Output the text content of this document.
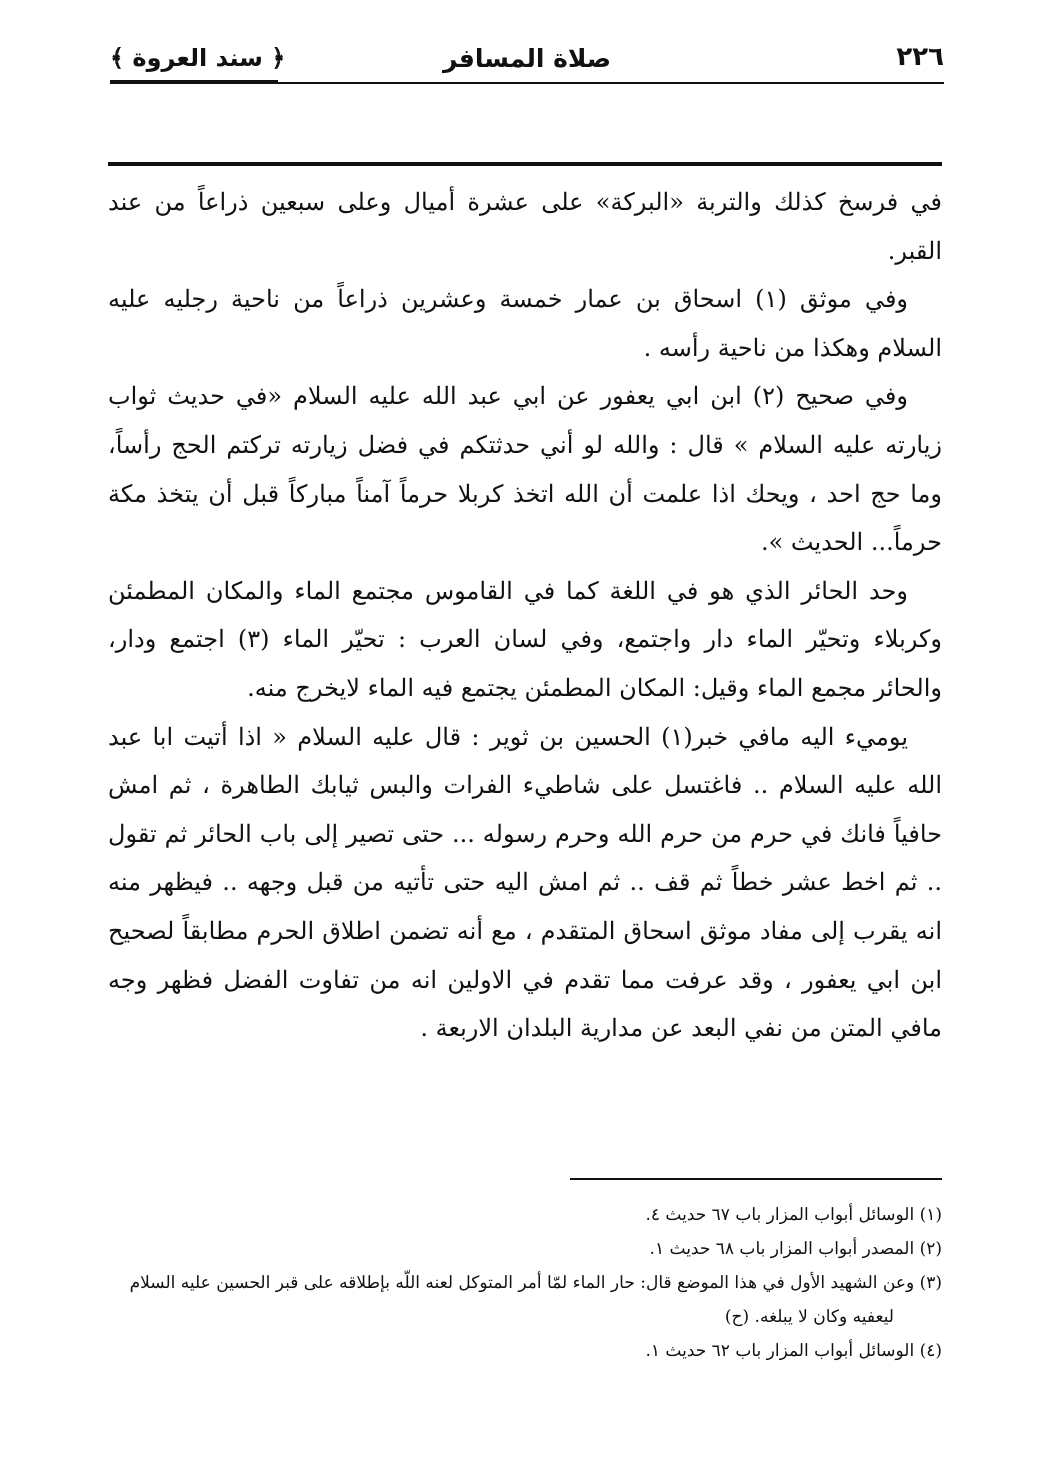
٢٢٦
صلاة المسافر
﴿ سند العروة ﴾

في فرسخ كذلك والتربة «البركة» على عشرة أميال وعلى سبعين ذراعاً من عند القبر.

وفي موثق (١) اسحاق بن عمار خمسة وعشرين ذراعاً من ناحية رجليه عليه السلام وهكذا من ناحية رأسه .

وفي صحيح (٢) ابن ابي يعفور عن ابي عبد الله عليه السلام «في حديث ثواب زيارته عليه السلام » قال : والله لو أني حدثتكم في فضل زيارته تركتم الحج رأساً، وما حج احد ، ويحك اذا علمت أن الله اتخذ كربلا حرماً آمناً مباركاً قبل أن يتخذ مكة حرماً... الحديث ».

وحد الحائر الذي هو في اللغة كما في القاموس مجتمع الماء والمكان المطمئن وكربلاء وتحيّر الماء دار واجتمع، وفي لسان العرب : تحيّر الماء (٣) اجتمع ودار، والحائر مجمع الماء وقيل: المكان المطمئن يجتمع فيه الماء لايخرج منه.

يوميء اليه مافي خبر(١) الحسين بن ثوير : قال عليه السلام « اذا أتيت ابا عبد الله عليه السلام .. فاغتسل على شاطيء الفرات والبس ثيابك الطاهرة ، ثم امش حافياً فانك في حرم من حرم الله وحرم رسوله ... حتى تصير إلى باب الحائر ثم تقول .. ثم اخط عشر خطاً ثم قف .. ثم امش اليه حتى تأتيه من قبل وجهه .. فيظهر منه انه يقرب إلى مفاد موثق اسحاق المتقدم ، مع أنه تضمن اطلاق الحرم مطابقاً لصحيح ابن ابي يعفور ، وقد عرفت مما تقدم في الاولين انه من تفاوت الفضل فظهر وجه مافي المتن من نفي البعد عن مدارية البلدان الاربعة .

(١) الوسائل أبواب المزار باب ٦٧ حديث ٤.

(٢) المصدر أبواب المزار باب ٦٨ حديث ١.

(٣) وعن الشهيد الأول في هذا الموضع قال: حار الماء لمّا أمر المتوكل لعنه اللّه بإطلاقه على قبر الحسين عليه السلام

ليعفيه وكان لا يبلغه. (ح)

(٤) الوسائل أبواب المزار باب ٦٢ حديث ١.
